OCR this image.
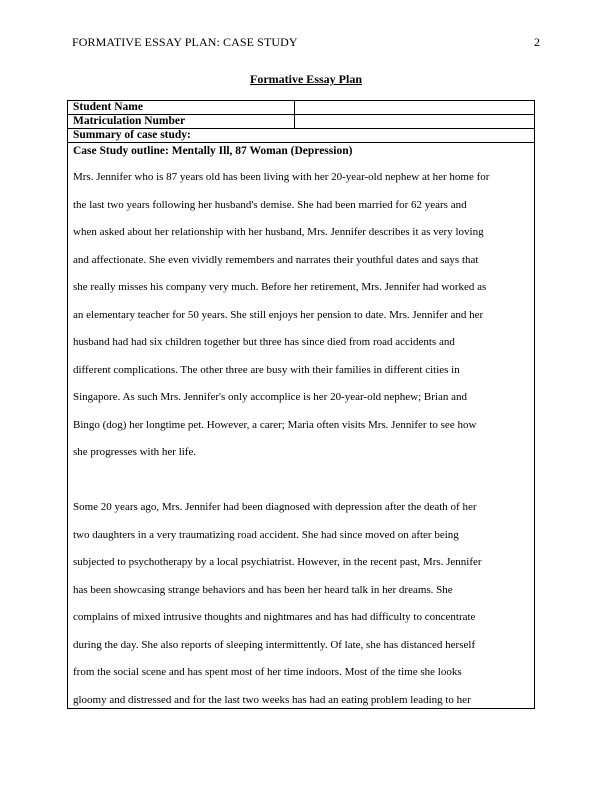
FORMATIVE ESSAY PLAN: CASE STUDY	2
Formative Essay Plan
Student Name
Matriculation Number
Summary of case study:
Case Study outline: Mentally Ill, 87 Woman (Depression)

Mrs. Jennifer who is 87 years old has been living with her 20-year-old nephew at her home for
the last two years following her husband's demise. She had been married for 62 years and
when asked about her relationship with her husband, Mrs. Jennifer describes it as very loving
and affectionate. She even vividly remembers and narrates their youthful dates and says that
she really misses his company very much. Before her retirement, Mrs. Jennifer had worked as
an elementary teacher for 50 years. She still enjoys her pension to date. Mrs. Jennifer and her
husband had had six children together but three has since died from road accidents and
different complications. The other three are busy with their families in different cities in
Singapore. As such Mrs. Jennifer's only accomplice is her 20-year-old nephew; Brian and
Bingo (dog) her longtime pet. However, a carer; Maria often visits Mrs. Jennifer to see how
she progresses with her life.

Some 20 years ago, Mrs. Jennifer had been diagnosed with depression after the death of her
two daughters in a very traumatizing road accident. She had since moved on after being
subjected to psychotherapy by a local psychiatrist. However, in the recent past, Mrs. Jennifer
has been showcasing strange behaviors and has been her heard talk in her dreams. She
complains of mixed intrusive thoughts and nightmares and has had difficulty to concentrate
during the day. She also reports of sleeping intermittently. Of late, she has distanced herself
from the social scene and has spent most of her time indoors. Most of the time she looks
gloomy and distressed and for the last two weeks has had an eating problem leading to her
